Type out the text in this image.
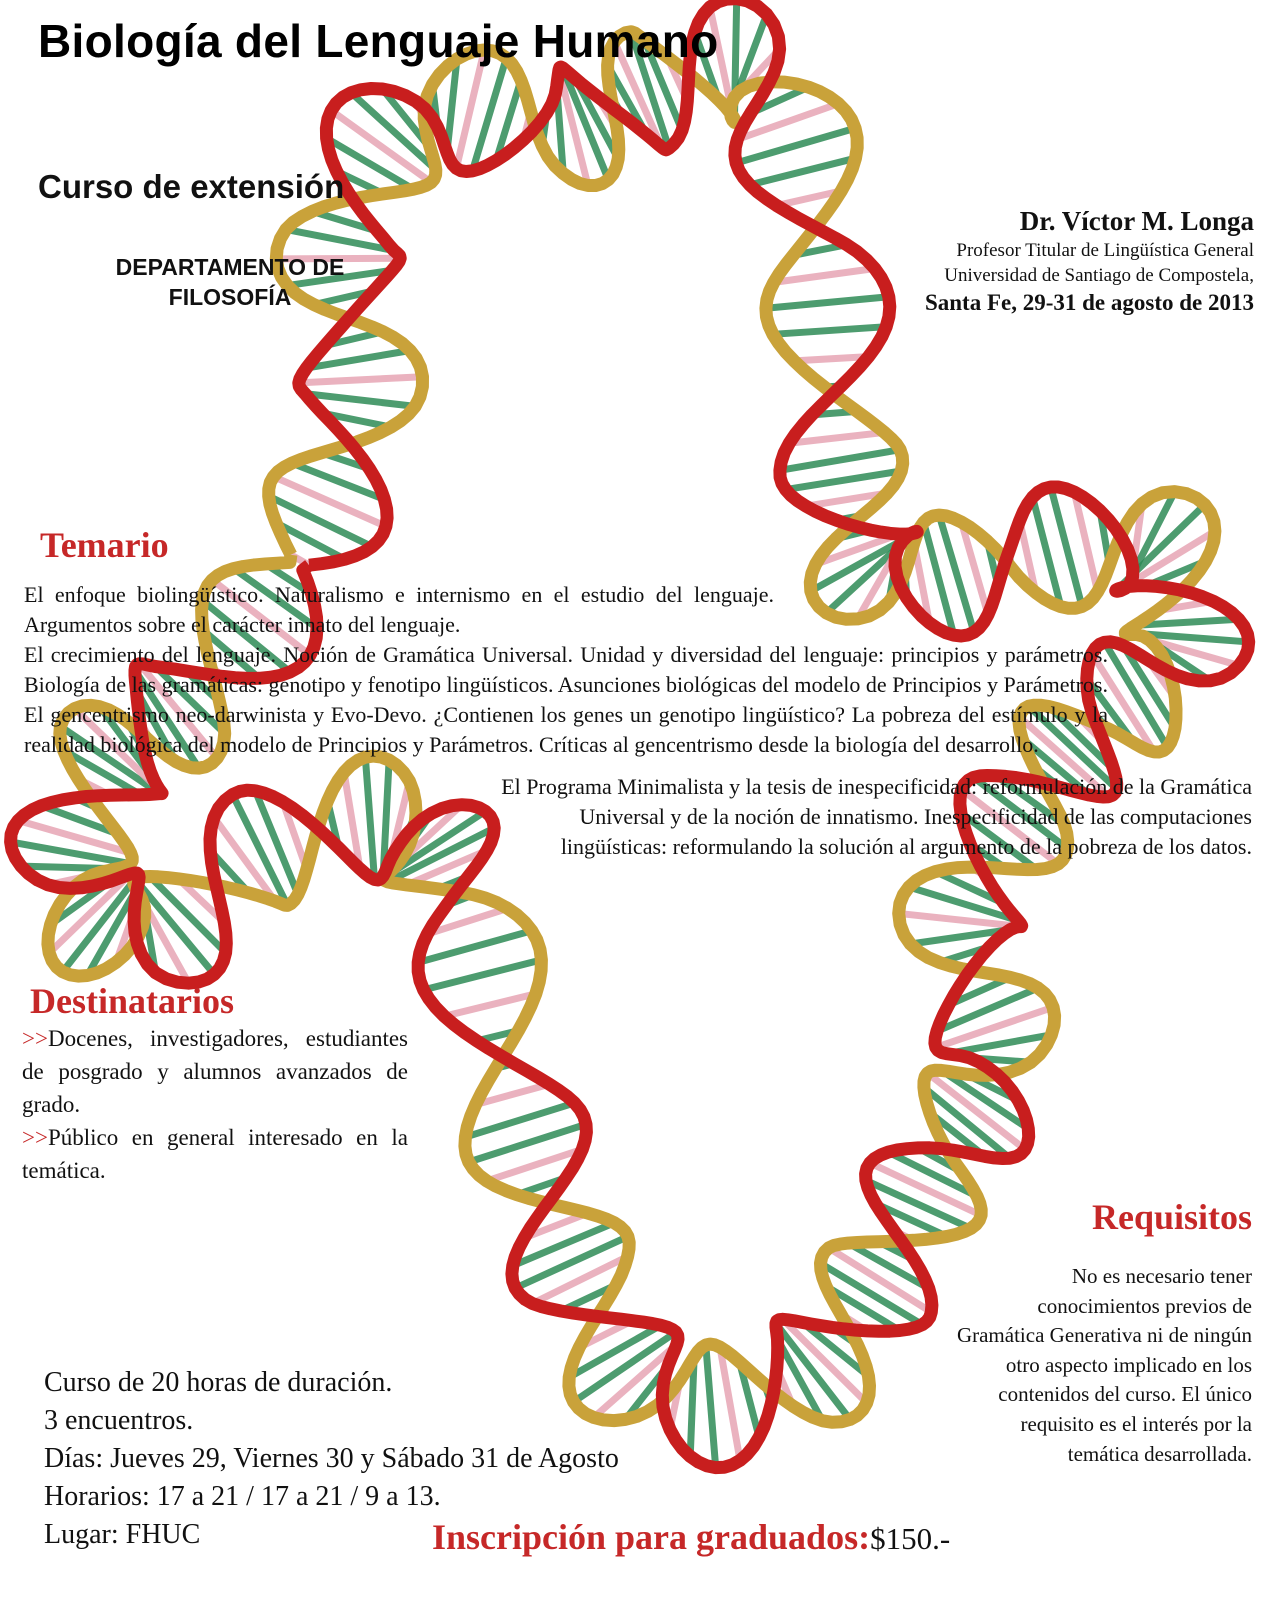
Biología del Lenguaje Humano
Curso de extensión
DEPARTAMENTO DE
FILOSOFÍA
Dr. Víctor M. Longa
Profesor Titular de Lingüística General
Universidad de Santiago de Compostela,
Santa Fe, 29-31 de agosto de 2013
Temario
El enfoque biolingüístico. Naturalismo e internismo en el estudio del lenguaje. Argumentos sobre el carácter innato del lenguaje.
El crecimiento del lenguaje. Noción de Gramática Universal. Unidad y diversidad del lenguaje: principios y parámetros. Biología de las gramáticas: genotipo y fenotipo lingüísticos. Asunciones biológicas del modelo de Principios y Parámetros. El gencentrismo neo-darwinista y Evo-Devo. ¿Contienen los genes un genotipo lingüístico? La pobreza del estímulo y la realidad biológica del modelo de Principios y Parámetros. Críticas al gencentrismo desde la biología del desarrollo.
El Programa Minimalista y la tesis de inespecificidad: reformulación de la Gramática Universal y de la noción de innatismo. Inespecificidad de las computaciones lingüísticas: reformulando la solución al argumento de la pobreza de los datos.
Destinatarios

>>Docenes, investigadores, estudiantes de posgrado y alumnos avanzados de grado.

>>Público en general interesado en la temática.

Requisitos
No es necesario tener conocimientos previos de Gramática Generativa ni de ningún otro aspecto implicado en los contenidos del curso. El único requisito es el interés por la temática desarrollada.
Curso de 20 horas de duración.
3 encuentros.
Días: Jueves 29, Viernes 30 y Sábado 31 de Agosto
Horarios: 17 a 21 / 17 a 21 / 9 a 13.
Lugar: FHUC	Inscripción para graduados:$150.-
